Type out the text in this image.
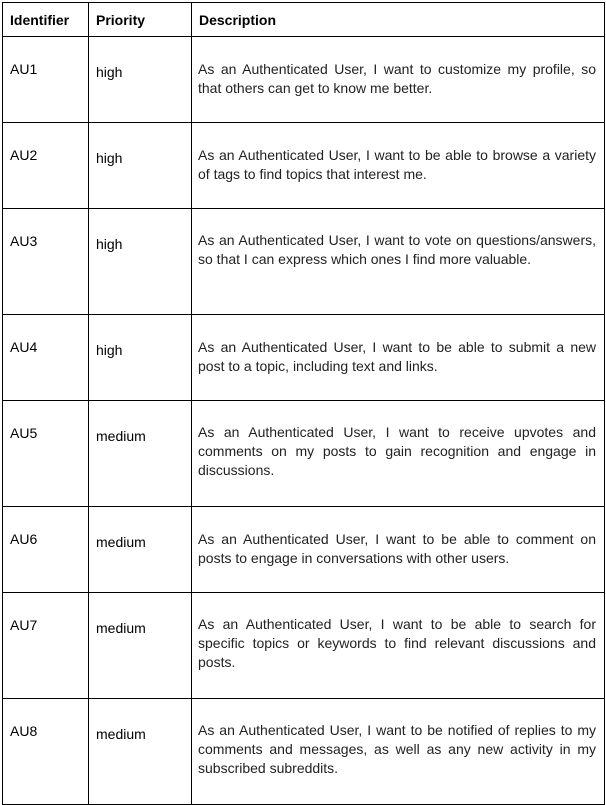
Identifier	Priority	Description

AU1	high	As an Authenticated User, I want to customize my profile, so that others can get to know me better.

AU2	high	As an Authenticated User, I want to be able to browse a variety of tags to find topics that interest me.

AU3	high	As an Authenticated User, I want to vote on questions/answers, so that I can express which ones I find more valuable.

AU4	high	As an Authenticated User, I want to be able to submit a new post to a topic, including text and links.

AU5	medium	As an Authenticated User, I want to receive upvotes and comments on my posts to gain recognition and engage in discussions.

AU6	medium	As an Authenticated User, I want to be able to comment on posts to engage in conversations with other users.

AU7	medium	As an Authenticated User, I want to be able to search for specific topics or keywords to find relevant discussions and posts.

AU8	medium	As an Authenticated User, I want to be notified of replies to my comments and messages, as well as any new activity in my subscribed subreddits.
